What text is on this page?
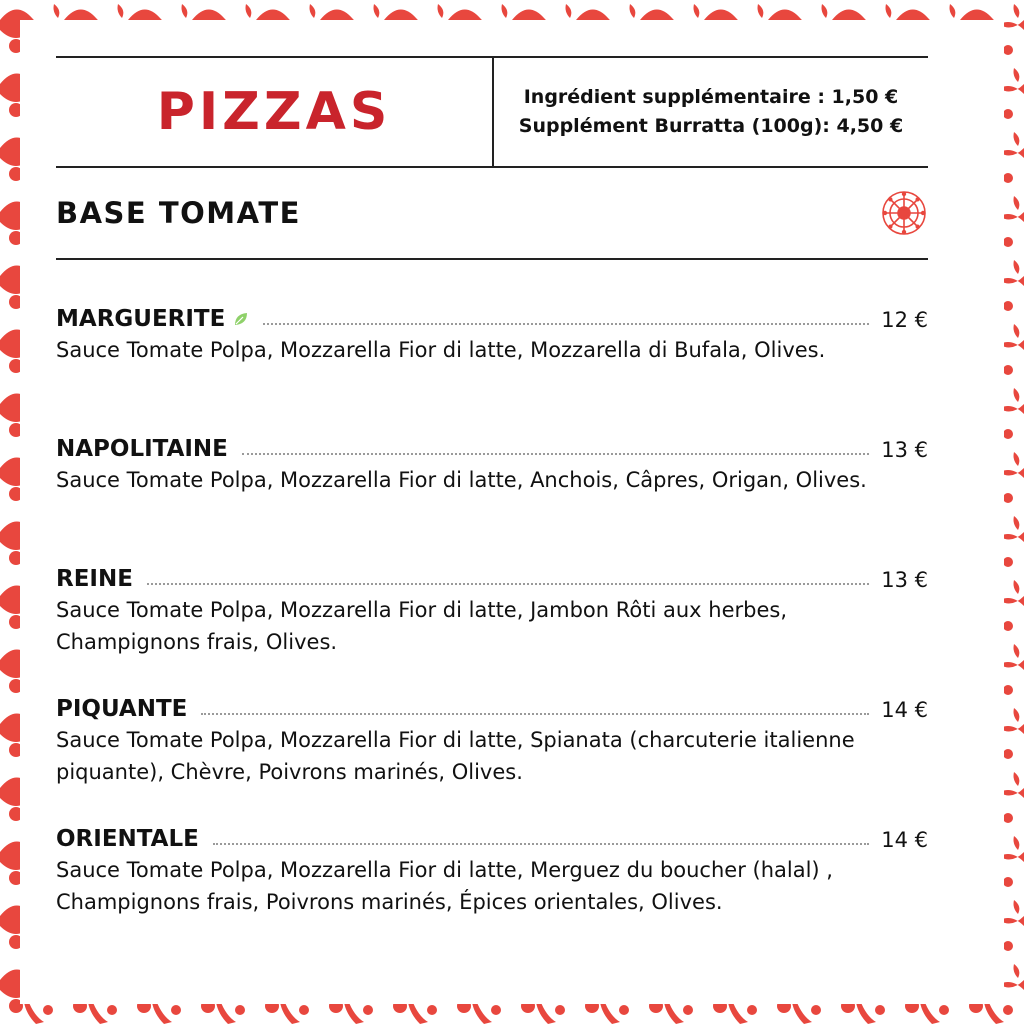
PIZZAS	Ingrédient supplémentaire : 1,50 €
Supplément Burratta (100g): 4,50 €
BASE TOMATE
MARGUERITE	12 €
Sauce Tomate Polpa, Mozzarella Fior di latte, Mozzarella di Bufala, Olives.
NAPOLITAINE	13 €
Sauce Tomate Polpa, Mozzarella Fior di latte, Anchois, Câpres, Origan, Olives.
REINE	13 €
Sauce Tomate Polpa, Mozzarella Fior di latte, Jambon Rôti aux herbes, Champignons frais, Olives.
PIQUANTE	14 €
Sauce Tomate Polpa, Mozzarella Fior di latte, Spianata (charcuterie italienne piquante), Chèvre, Poivrons marinés, Olives.
ORIENTALE	14 €
Sauce Tomate Polpa, Mozzarella Fior di latte, Merguez du boucher (halal) , Champignons frais, Poivrons marinés, Épices orientales, Olives.
